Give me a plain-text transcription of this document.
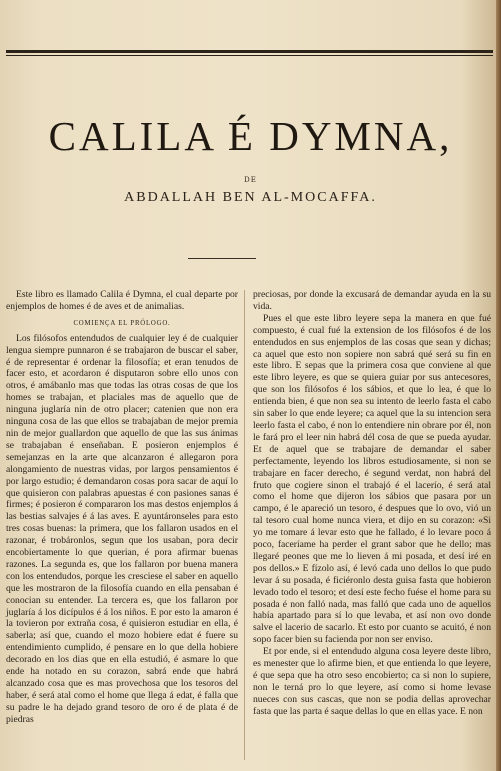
CALILA É DYMNA,
DE
ABDALLAH BEN AL-MOCAFFA.

Este libro es llamado Calila é Dymna, el cual departe por enjemplos de homes é de aves et de animalias.

COMIENÇA EL PRÓLOGO.

Los filósofos entendudos de cualquier ley é de cualquier lengua siempre punnaron é se trabajaron de buscar el saber, é de representar é ordenar la filosofía; et eran tenudos de facer esto, et acordaron é disputaron sobre ello unos con otros, é amábanlo mas que todas las otras cosas de que los homes se trabajan, et placiales mas de aquello que de ninguna juglaría nin de otro placer; catenien que non era ninguna cosa de las que ellos se trabajaban de mejor premia nin de mejor guallardon que aquello de que las sus ánimas se trabajaban é enseñaban. E posieron enjemplos é semejanzas en la arte que alcanzaron é allegaron pora alongamiento de nuestras vidas, por largos pensamientos é por largo estudio; é demandaron cosas pora sacar de aquí lo que quisieron con palabras apuestas é con pasiones sanas é firmes; é posieron é compararon los mas destos enjemplos á las bestias salvajes é á las aves. E ayuntáronseles para esto tres cosas buenas: la primera, que los fallaron usados en el razonar, é trobáronlos, segun que los usaban, pora decir encobiertamente lo que querian, é pora afirmar buenas razones. La segunda es, que los fallaron por buena manera con los entendudos, porque les cresciese el saber en aquello que les mostraron de la filosofía cuando en ella pensaban é conocian su entender. La tercera es, que los fallaron por juglaría á los dicípulos é á los niños. E por esto la amaron é la tovieron por extraña cosa, é quisieron estudiar en ella, é saberla; así que, cuando el mozo hobiere edat é fuere su entendimiento cumplido, é pensare en lo que della hobiere decorado en los dias que en ella estudió, é asmare lo que ende ha notado en su corazon, sabrá ende que habrá alcanzado cosa que es mas provechosa que los tesoros del haber, é será atal como el home que llega á edat, é falla que su padre le ha dejado grand tesoro de oro é de plata é de piedras

preciosas, por donde la excusará de demandar ayuda en la su vida.

Pues el que este libro leyere sepa la manera en que fué compuesto, é cual fué la extension de los filósofos é de los entendudos en sus enjemplos de las cosas que sean y dichas; ca aquel que esto non sopiere non sabrá qué será su fin en este libro. E sepas que la primera cosa que conviene al que este libro leyere, es que se quiera guiar por sus antecesores, que son los filósofos é los sábios, et que lo lea, é que lo entienda bien, é que non sea su intento de leerlo fasta el cabo sin saber lo que ende leyere; ca aquel que la su intencion sera leerlo fasta el cabo, é non lo entendiere nin obrare por él, non le fará pro el leer nin habrá dél cosa de que se pueda ayudar. Et de aquel que se trabajare de demandar el saber perfectamente, leyendo los libros estudiosamente, si non se trabajare en facer derecho, é segund verdat, non habrá del fruto que cogiere sinon el trabajó é el lacerío, é será atal como el home que dijeron los sábios que pasara por un campo, é le apareció un tesoro, é despues que lo ovo, vió un tal tesoro cual home nunca viera, et dijo en su corazon: «Si yo me tomare á levar esto que he fallado, é lo levare poco á poco, faceríame ha perder el grant sabor que he dello; mas llegaré peones que me lo lieven á mi posada, et desí iré en pos dellos.» E fízolo así, é levó cada uno dellos lo que pudo levar á su posada, é ficiéronlo desta guisa fasta que hobieron levado todo el tesoro; et desí este fecho fuése el home para su posada é non falló nada, mas falló que cada uno de aquellos había apartado para sí lo que levaba, et así non ovo donde salve el lacerio de sacarlo. Et esto por cuanto se acuitó, é non sopo facer bien su facienda por non ser enviso.

Et por ende, si el entendudo alguna cosa leyere deste libro, es menester que lo afirme bien, et que entienda lo que leyere, é que sepa que ha otro seso encobierto; ca si non lo supiere, non le terná pro lo que leyere, así como si home levase nueces con sus cascas, que non se podia dellas aprovechar fasta que las parta é saque dellas lo que en ellas yace. E non
